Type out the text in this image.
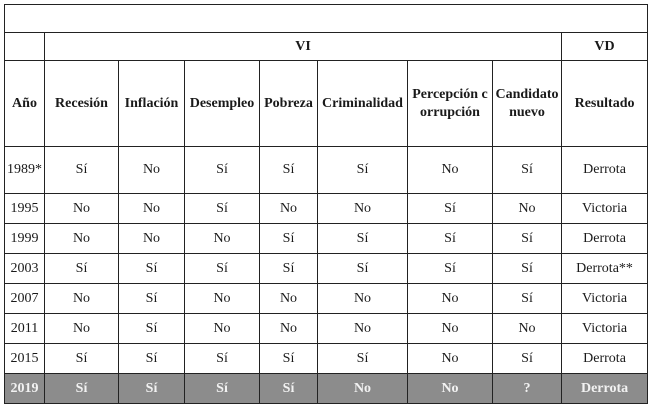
	VI							VD
Año	Recesión	Inflación	Desempleo	Pobreza	Criminalidad	Percepción corrupción	Candidato nuevo	Resultado
1989*	Sí	No	Sí	Sí	Sí	No	Sí	Derrota
1995	No	No	Sí	No	No	Sí	No	Victoria
1999	No	No	No	Sí	Sí	Sí	Sí	Derrota
2003	Sí	Sí	Sí	Sí	Sí	Sí	Sí	Derrota**
2007	No	Sí	No	No	No	No	Sí	Victoria
2011	No	Sí	No	No	No	No	No	Victoria
2015	Sí	Sí	Sí	Sí	Sí	No	Sí	Derrota
2019	Sí	Sí	Sí	Sí	No	No	?	Derrota
